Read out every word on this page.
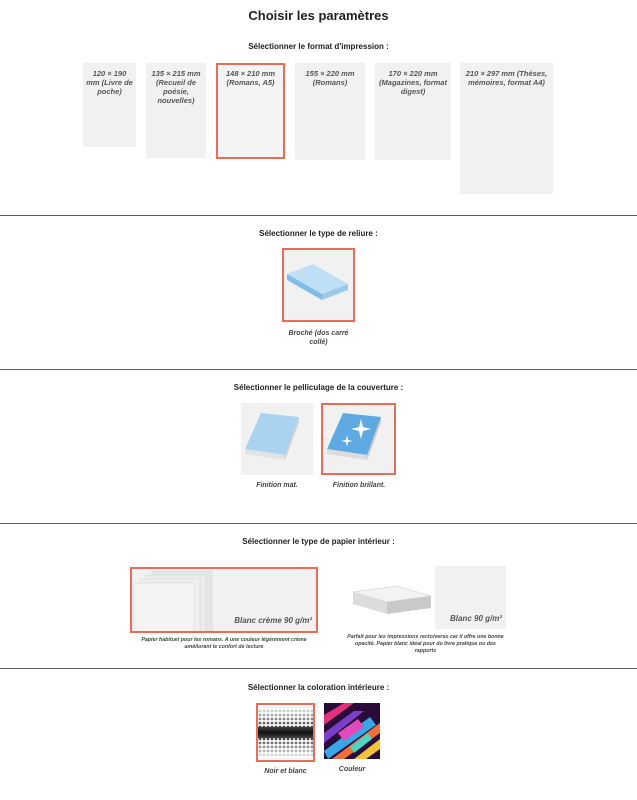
Choisir les paramètres
Sélectionner le format d'impression :
120 × 190 mm (Livre de poche)
135 × 215 mm (Recueil de poésie, nouvelles)
148 × 210 mm (Romans, A5)
155 × 220 mm (Romans)
170 × 220 mm (Magazines, format digest)
210 × 297 mm (Thèses, mémoires, format A4)
Sélectionner le type de reliure :
Broché (dos carré collé)
Sélectionner le pelliculage de la couverture :
Finition mat.	Finition brillant.
Sélectionner le type de papier intérieur :
Blanc crème 90 g/m²
Papier habituel pour les romans. A une couleur légèrement crème améliorant le confort de lecture
Blanc 90 g/m²
Parfait pour les impressions recto/verso car il offre une bonne opacité. Papier blanc idéal pour du livre pratique ou des rapports
Sélectionner la coloration intérieure :
Noir et blanc	Couleur
